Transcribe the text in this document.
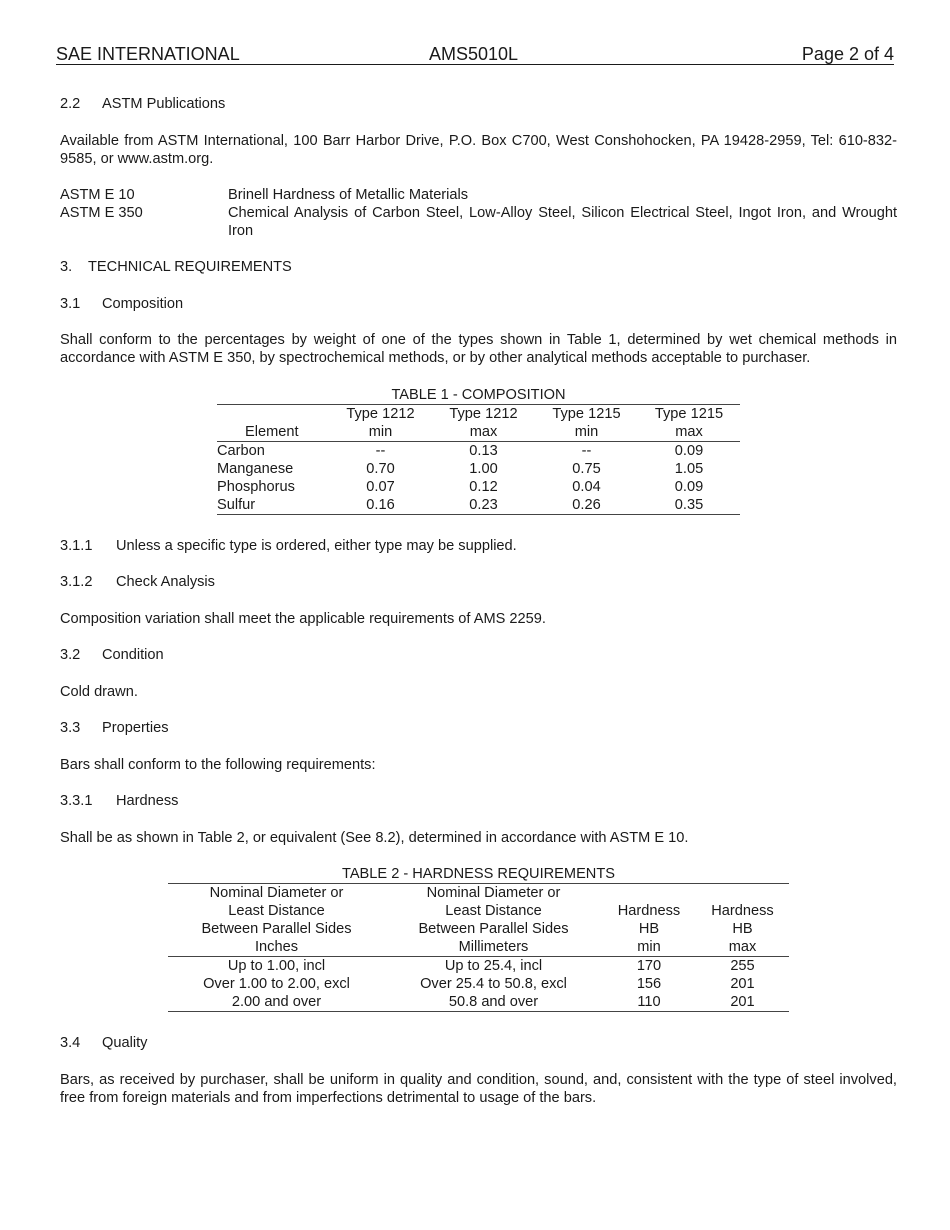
SAE INTERNATIONAL	AMS5010L	Page 2 of 4
2.2 ASTM Publications
Available from ASTM International, 100 Barr Harbor Drive, P.O. Box C700, West Conshohocken, PA 19428-2959, Tel: 610-832-9585, or www.astm.org.
ASTM E 10	Brinell Hardness of Metallic Materials
ASTM E 350	Chemical Analysis of Carbon Steel, Low-Alloy Steel, Silicon Electrical Steel, Ingot Iron, and Wrought Iron
3. TECHNICAL REQUIREMENTS
3.1 Composition
Shall conform to the percentages by weight of one of the types shown in Table 1, determined by wet chemical methods in accordance with ASTM E 350, by spectrochemical methods, or by other analytical methods acceptable to purchaser.
TABLE 1 - COMPOSITION
	Type 1212	Type 1212	Type 1215	Type 1215
Element	min	max	min	max
Carbon	--	0.13	--	0.09
Manganese	0.70	1.00	0.75	1.05
Phosphorus	0.07	0.12	0.04	0.09
Sulfur	0.16	0.23	0.26	0.35
3.1.1 Unless a specific type is ordered, either type may be supplied.
3.1.2 Check Analysis
Composition variation shall meet the applicable requirements of AMS 2259.
3.2 Condition
Cold drawn.
3.3 Properties
Bars shall conform to the following requirements:
3.3.1 Hardness
Shall be as shown in Table 2, or equivalent (See 8.2), determined in accordance with ASTM E 10.
TABLE 2 - HARDNESS REQUIREMENTS
Nominal Diameter or	Nominal Diameter or		
Least Distance	Least Distance	Hardness	Hardness
Between Parallel Sides	Between Parallel Sides	HB	HB
Inches	Millimeters	min	max
Up to 1.00, incl	Up to 25.4, incl	170	255
Over 1.00 to 2.00, excl	Over 25.4 to 50.8, excl	156	201
2.00 and over	50.8 and over	110	201
3.4 Quality
Bars, as received by purchaser, shall be uniform in quality and condition, sound, and, consistent with the type of steel involved, free from foreign materials and from imperfections detrimental to usage of the bars.
